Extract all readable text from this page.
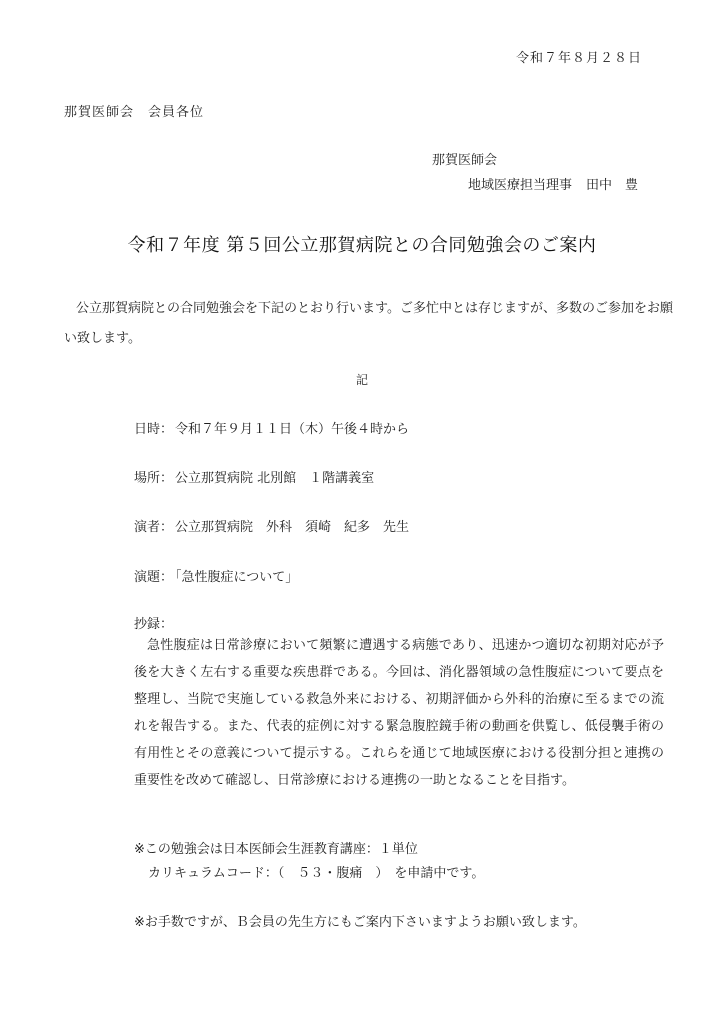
令和７年８月２８日
那賀医師会　会員各位
那賀医師会
地域医療担当理事 田中　豊
令和７年度 第５回公立那賀病院との合同勉強会のご案内
公立那賀病院との合同勉強会を下記のとおり行います。ご多忙中とは存じますが、多数のご参加をお願い致します。
記
日時： 令和７年９月１１日（木）午後４時から
場所： 公立那賀病院 北別館　１階講義室
演者： 公立那賀病院　外科　須崎　紀多　先生
演題： 「急性腹症について」
抄録：
急性腹症は日常診療において頻繁に遭遇する病態であり、迅速かつ適切な初期対応が予後を大きく左右する重要な疾患群である。今回は、消化器領域の急性腹症について要点を整理し、当院で実施している救急外来における、初期評価から外科的治療に至るまでの流れを報告する。また、代表的症例に対する緊急腹腔鏡手術の動画を供覧し、低侵襲手術の有用性とその意義について提示する。これらを通じて地域医療における役割分担と連携の重要性を改めて確認し、日常診療における連携の一助となることを目指す。
※この勉強会は日本医師会生涯教育講座：１単位
カリキュラムコード：（　５３・腹痛　） を申請中です。
※お手数ですが、Ｂ会員の先生方にもご案内下さいますようお願い致します。
